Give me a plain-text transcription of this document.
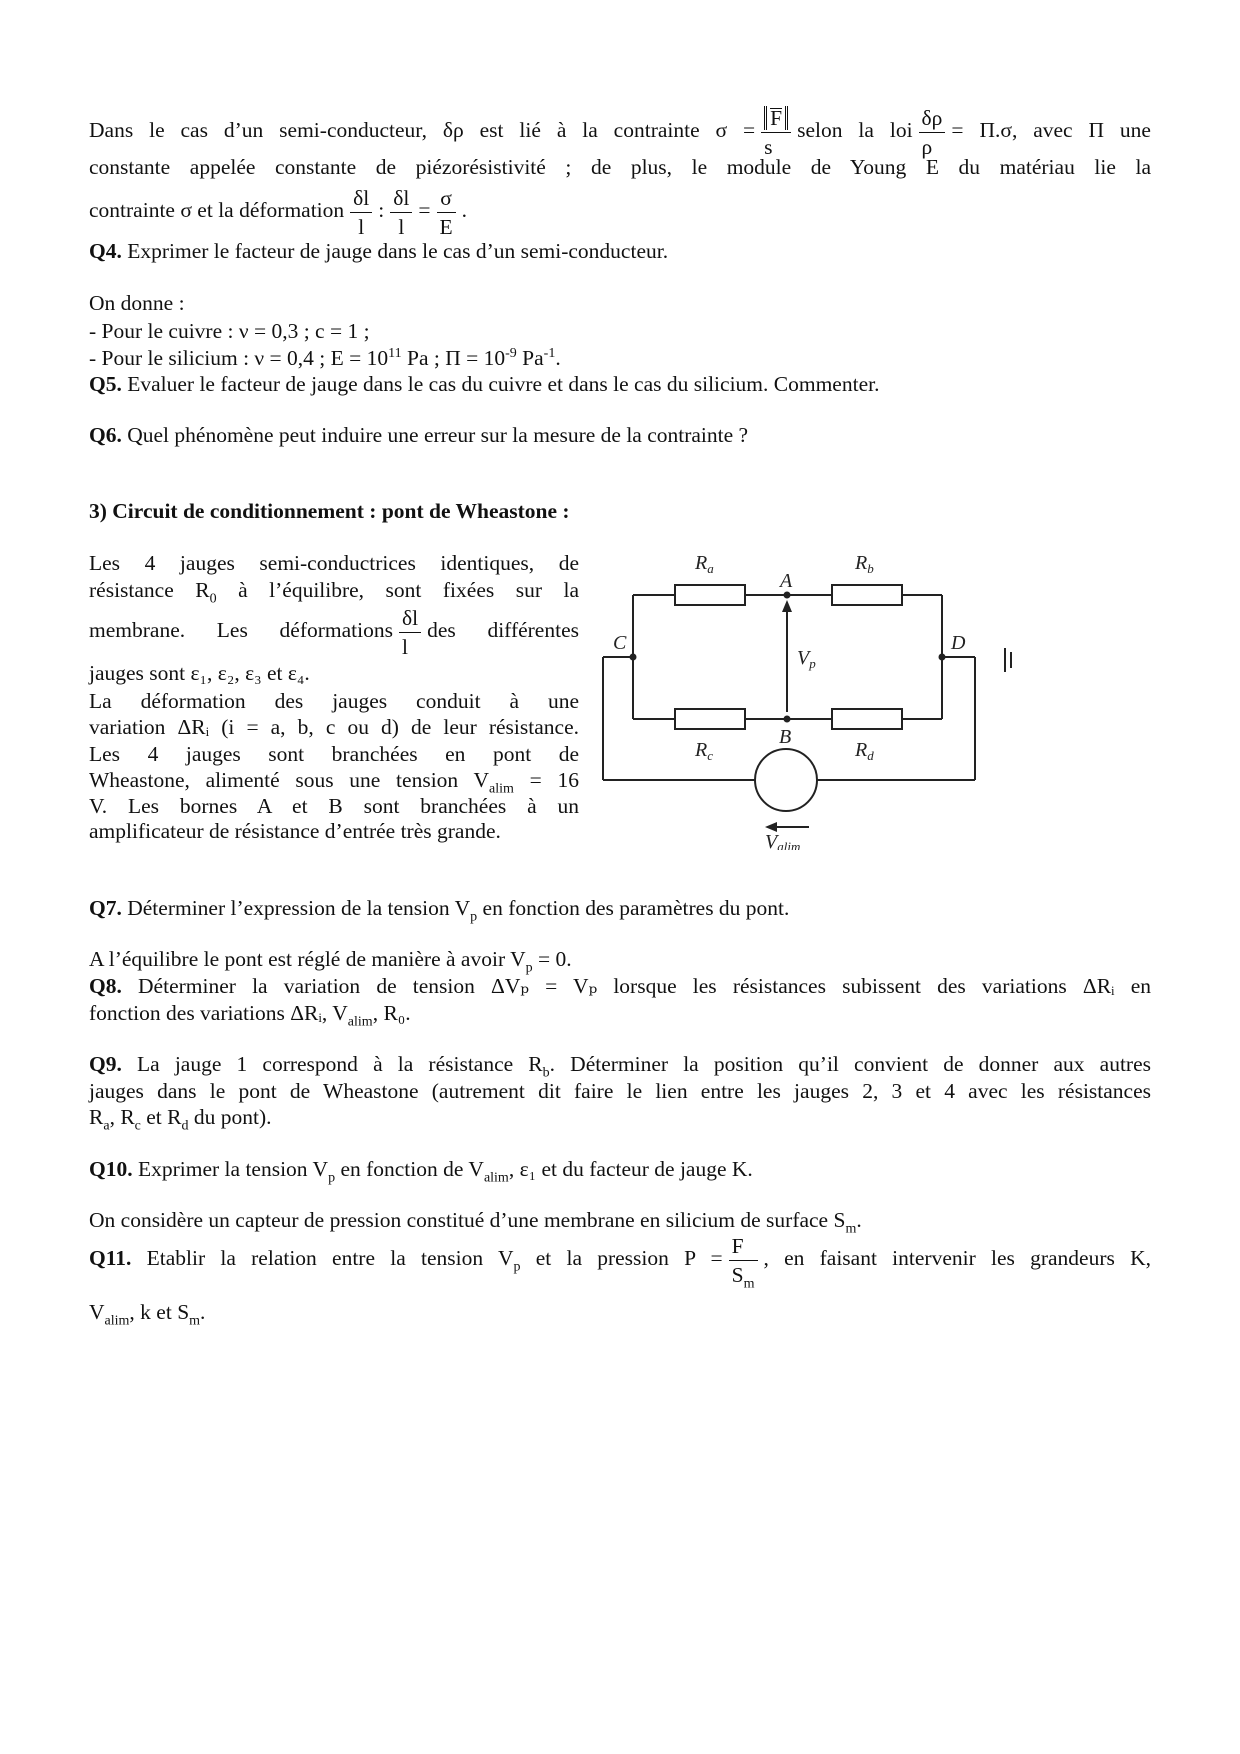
Dans le cas d’un semi-conducteur, δρ est lié à la contrainte $\sigma = \frac{F}{s}$ selon la loi $\frac{\delta\rho}{\rho} = \Pi.\sigma$, avec Π une
constante appelée constante de piézorésistivité ; de plus, le module de Young E du matériau lie la
contrainte σ et la déformation $\frac{\delta l}{l}$ : $\frac{\delta l}{l} = \frac{\sigma}{E}$ .
Q4. Exprimer le facteur de jauge dans le cas d’un semi-conducteur.
On donne :
- Pour le cuivre : ν = 0,3 ; c = 1 ;
- Pour le silicium : ν = 0,4 ; $E = 10^{11}$ Pa ; $\Pi = 10^{-9}$ $Pa^{-1}$.
Q5. Evaluer le facteur de jauge dans le cas du cuivre et dans le cas du silicium. Commenter.
Q6. Quel phénomène peut induire une erreur sur la mesure de la contrainte ?
3) Circuit de conditionnement : pont de Wheastone :
Les 4 jauges semi-conductrices identiques, de
résistance $R_0$ à l’équilibre, sont fixées sur la
membrane. Les déformations $\frac{\delta l}{l}$ des différentes
jauges sont ε₁, ε₂, ε₃ et ε₄.
La déformation des jauges conduit à une
variation ΔRᵢ (i = a, b, c ou d) de leur résistance.
Les 4 jauges sont branchées en pont de
Wheastone, alimenté sous une tension $V_{alim} = 16$
V. Les bornes A et B sont branchées à un
amplificateur de résistance d’entrée très grande.
$R_a$	$R_b$
$R_c$	$R_d$
A
B
C	D
$V_p$
Valim
Q7. Déterminer l’expression de la tension $V_p$ en fonction des paramètres du pont.
A l’équilibre le pont est réglé de manière à avoir $V_p = 0$.
Q8. Déterminer la variation de tension ΔVₚ = Vₚ lorsque les résistances subissent des variations ΔRᵢ en
fonction des variations ΔRᵢ, $V_{alim}$, R₀.
Q9. La jauge 1 correspond à la résistance $R_b$. Déterminer la position qu’il convient de donner aux autres
jauges dans le pont de Wheastone (autrement dit faire le lien entre les jauges 2, 3 et 4 avec les résistances
$R_a$, $R_c$ et $R_d$ du pont).
Q10. Exprimer la tension $V_p$ en fonction de $V_{alim}$, ε₁ et du facteur de jauge K.
On considère un capteur de pression constitué d’une membrane en silicium de surface $S_m$.
Q11. Etablir la relation entre la tension $V_p$ et la pression $P = \frac{F}{S_m}$ , en faisant intervenir les grandeurs K,
$V_{alim}$, k et $S_m$.
